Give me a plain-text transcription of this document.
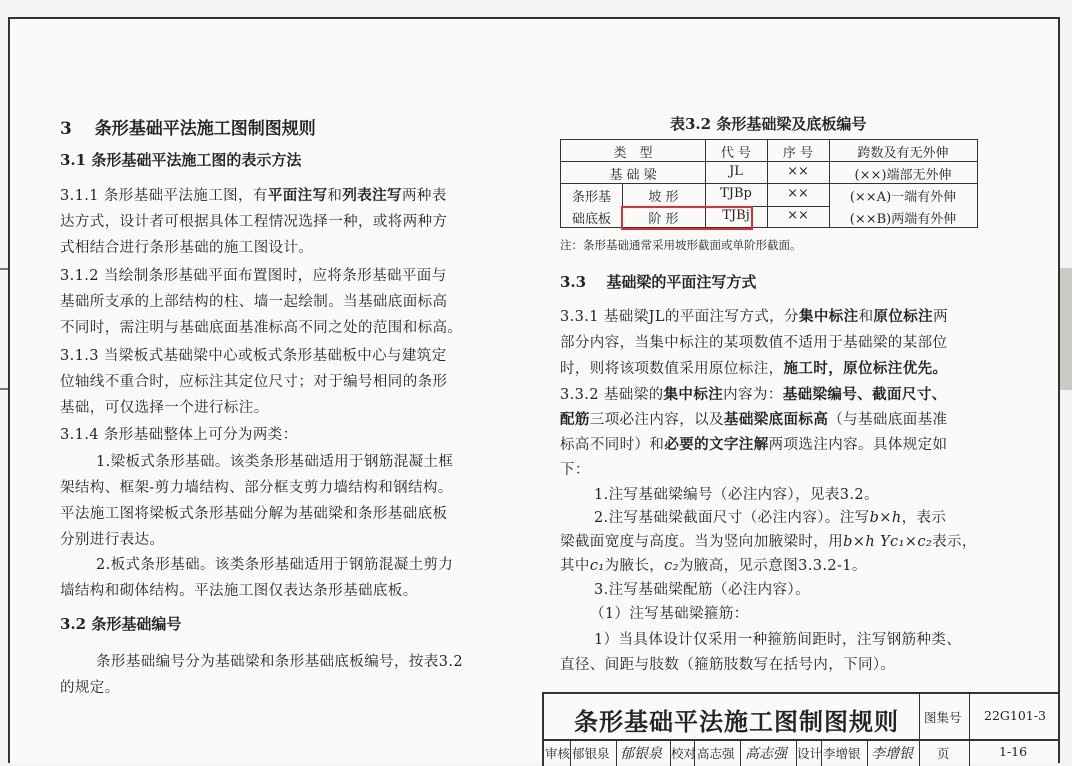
3　 条形基础平法施工图制图规则
3.1 条形基础平法施工图的表示方法
3.1.1 条形基础平法施工图，有平面注写和列表注写两种表
达方式，设计者可根据具体工程情况选择一种，或将两种方
式相结合进行条形基础的施工图设计。
3.1.2 当绘制条形基础平面布置图时，应将条形基础平面与
基础所支承的上部结构的柱、墙一起绘制。当基础底面标高
不同时，需注明与基础底面基准标高不同之处的范围和标高。
3.1.3 当梁板式基础梁中心或板式条形基础板中心与建筑定
位轴线不重合时，应标注其定位尺寸；对于编号相同的条形
基础，可仅选择一个进行标注。
3.1.4 条形基础整体上可分为两类：
1.梁板式条形基础。该类条形基础适用于钢筋混凝土框
架结构、框架-剪力墙结构、部分框支剪力墙结构和钢结构。
平法施工图将梁板式条形基础分解为基础梁和条形基础底板
分别进行表达。
2.板式条形基础。该类条形基础适用于钢筋混凝土剪力
墙结构和砌体结构。平法施工图仅表达条形基础底板。
3.2 条形基础编号
条形基础编号分为基础梁和条形基础底板编号，按表3.2
的规定。
表3.2 条形基础梁及底板编号
类　型	代 号	序 号	跨数及有无外伸
基 础 梁	JL	××	(××)端部无外伸
条形基
础底板
坡 形	TJBp	××	(××A)一端有外伸
阶 形	TJBj	××	(××B)两端有外伸
注：条形基础通常采用坡形截面或单阶形截面。
3.3　 基础梁的平面注写方式
3.3.1 基础梁JL的平面注写方式，分集中标注和原位标注两
部分内容，当集中标注的某项数值不适用于基础梁的某部位
时，则将该项数值采用原位标注，施工时，原位标注优先。
3.3.2 基础梁的集中标注内容为：基础梁编号、截面尺寸、
配筋三项必注内容，以及基础梁底面标高（与基础底面基准
标高不同时）和必要的文字注解两项选注内容。具体规定如
下：
1.注写基础梁编号（必注内容），见表3.2。
2.注写基础梁截面尺寸（必注内容）。注写b×h，表示
梁截面宽度与高度。当为竖向加腋梁时，用b×h Yc₁×c₂表示，
其中c₁为腋长，c₂为腋高，见示意图3.3.2-1。
3.注写基础梁配筋（必注内容）。
（1）注写基础梁箍筋：
1）当具体设计仅采用一种箍筋间距时，注写钢筋种类、
直径、间距与肢数（箍筋肢数写在括号内，下同）。
条形基础平法施工图制图规则 图集号 22G101-3
审核 郁银泉 郁银泉 校对 高志强 高志强 设计 李增银 李增银 页	1-16
